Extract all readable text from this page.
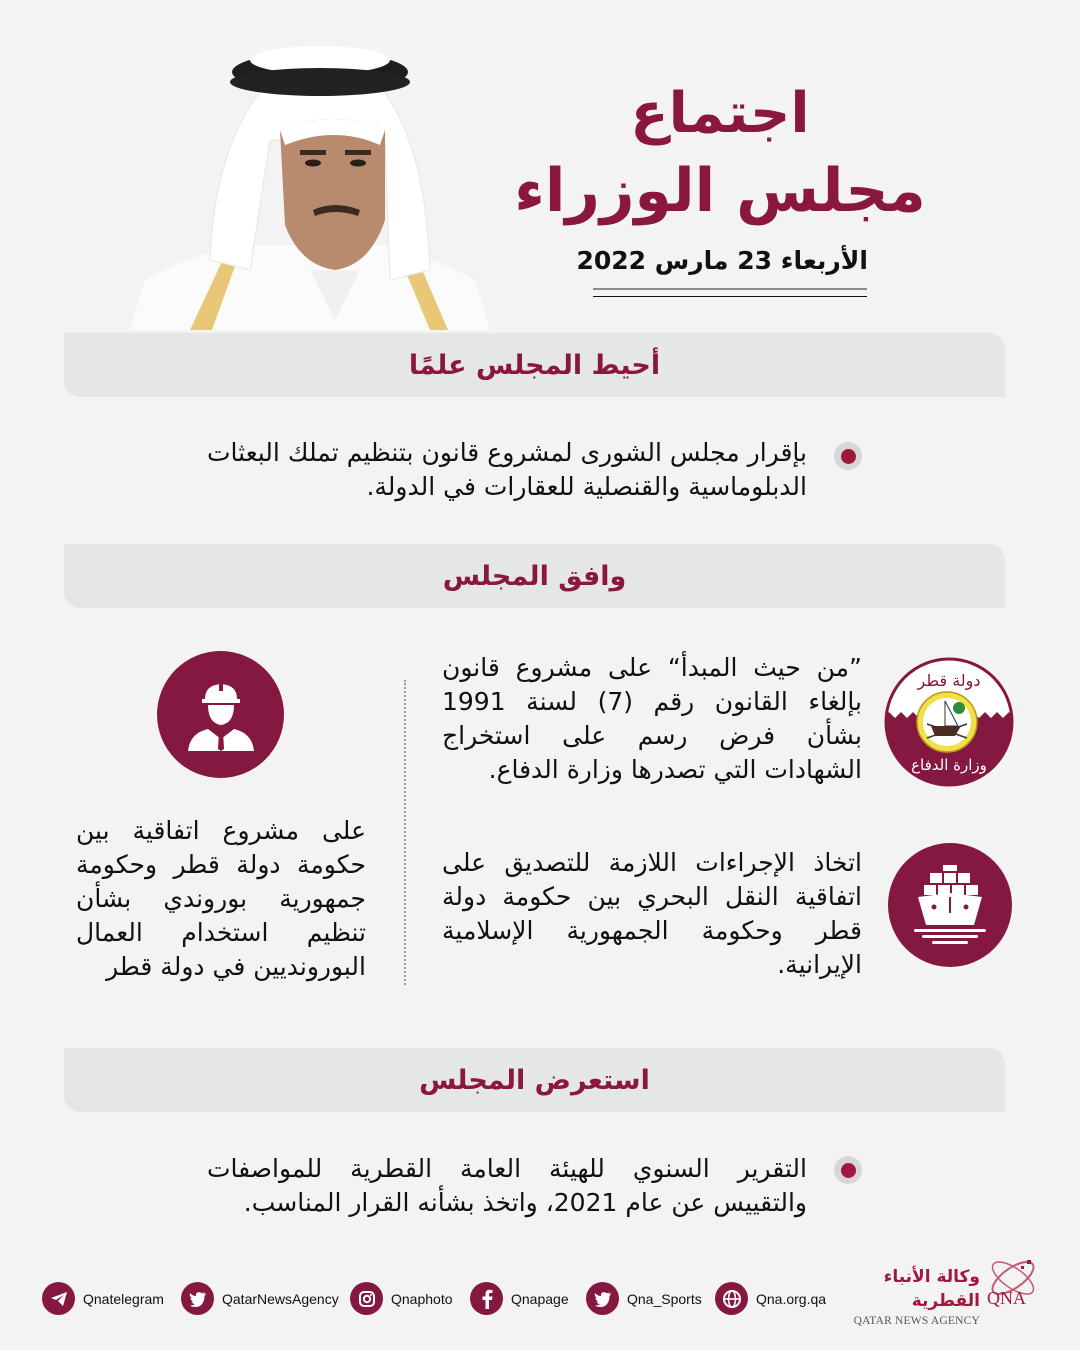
اجتماع
مجلس الوزراء
الأربعاء 23 مارس 2022
أحيط المجلس علمًا
بإقرار مجلس الشورى لمشروع قانون بتنظيم تملك البعثات الدبلوماسية والقنصلية للعقارات في الدولة.
وافق المجلس
دولة قطر
وزارة الدفاع
”من حيث المبدأ“ على مشروع قانون بإلغاء القانون رقم (7) لسنة 1991 بشأن فرض رسم على استخراج الشهادات التي تصدرها وزارة الدفاع.
اتخاذ الإجراءات اللازمة للتصديق على اتفاقية النقل البحري بين حكومة دولة قطر وحكومة الجمهورية الإسلامية الإيرانية.
على مشروع اتفاقية بين حكومة دولة قطر وحكومة جمهورية بوروندي بشأن تنظيم استخدام العمال البورونديين في دولة قطر
استعرض المجلس
التقرير السنوي للهيئة العامة القطرية للمواصفات والتقييس عن عام 2021، واتخذ بشأنه القرار المناسب.
Qnatelegram	QatarNewsAgency	Qnaphoto	Qnapage	Qna_Sports	Qna.org.qa
وكالة الأنباء القطرية
QATAR NEWS AGENCY
QNA
